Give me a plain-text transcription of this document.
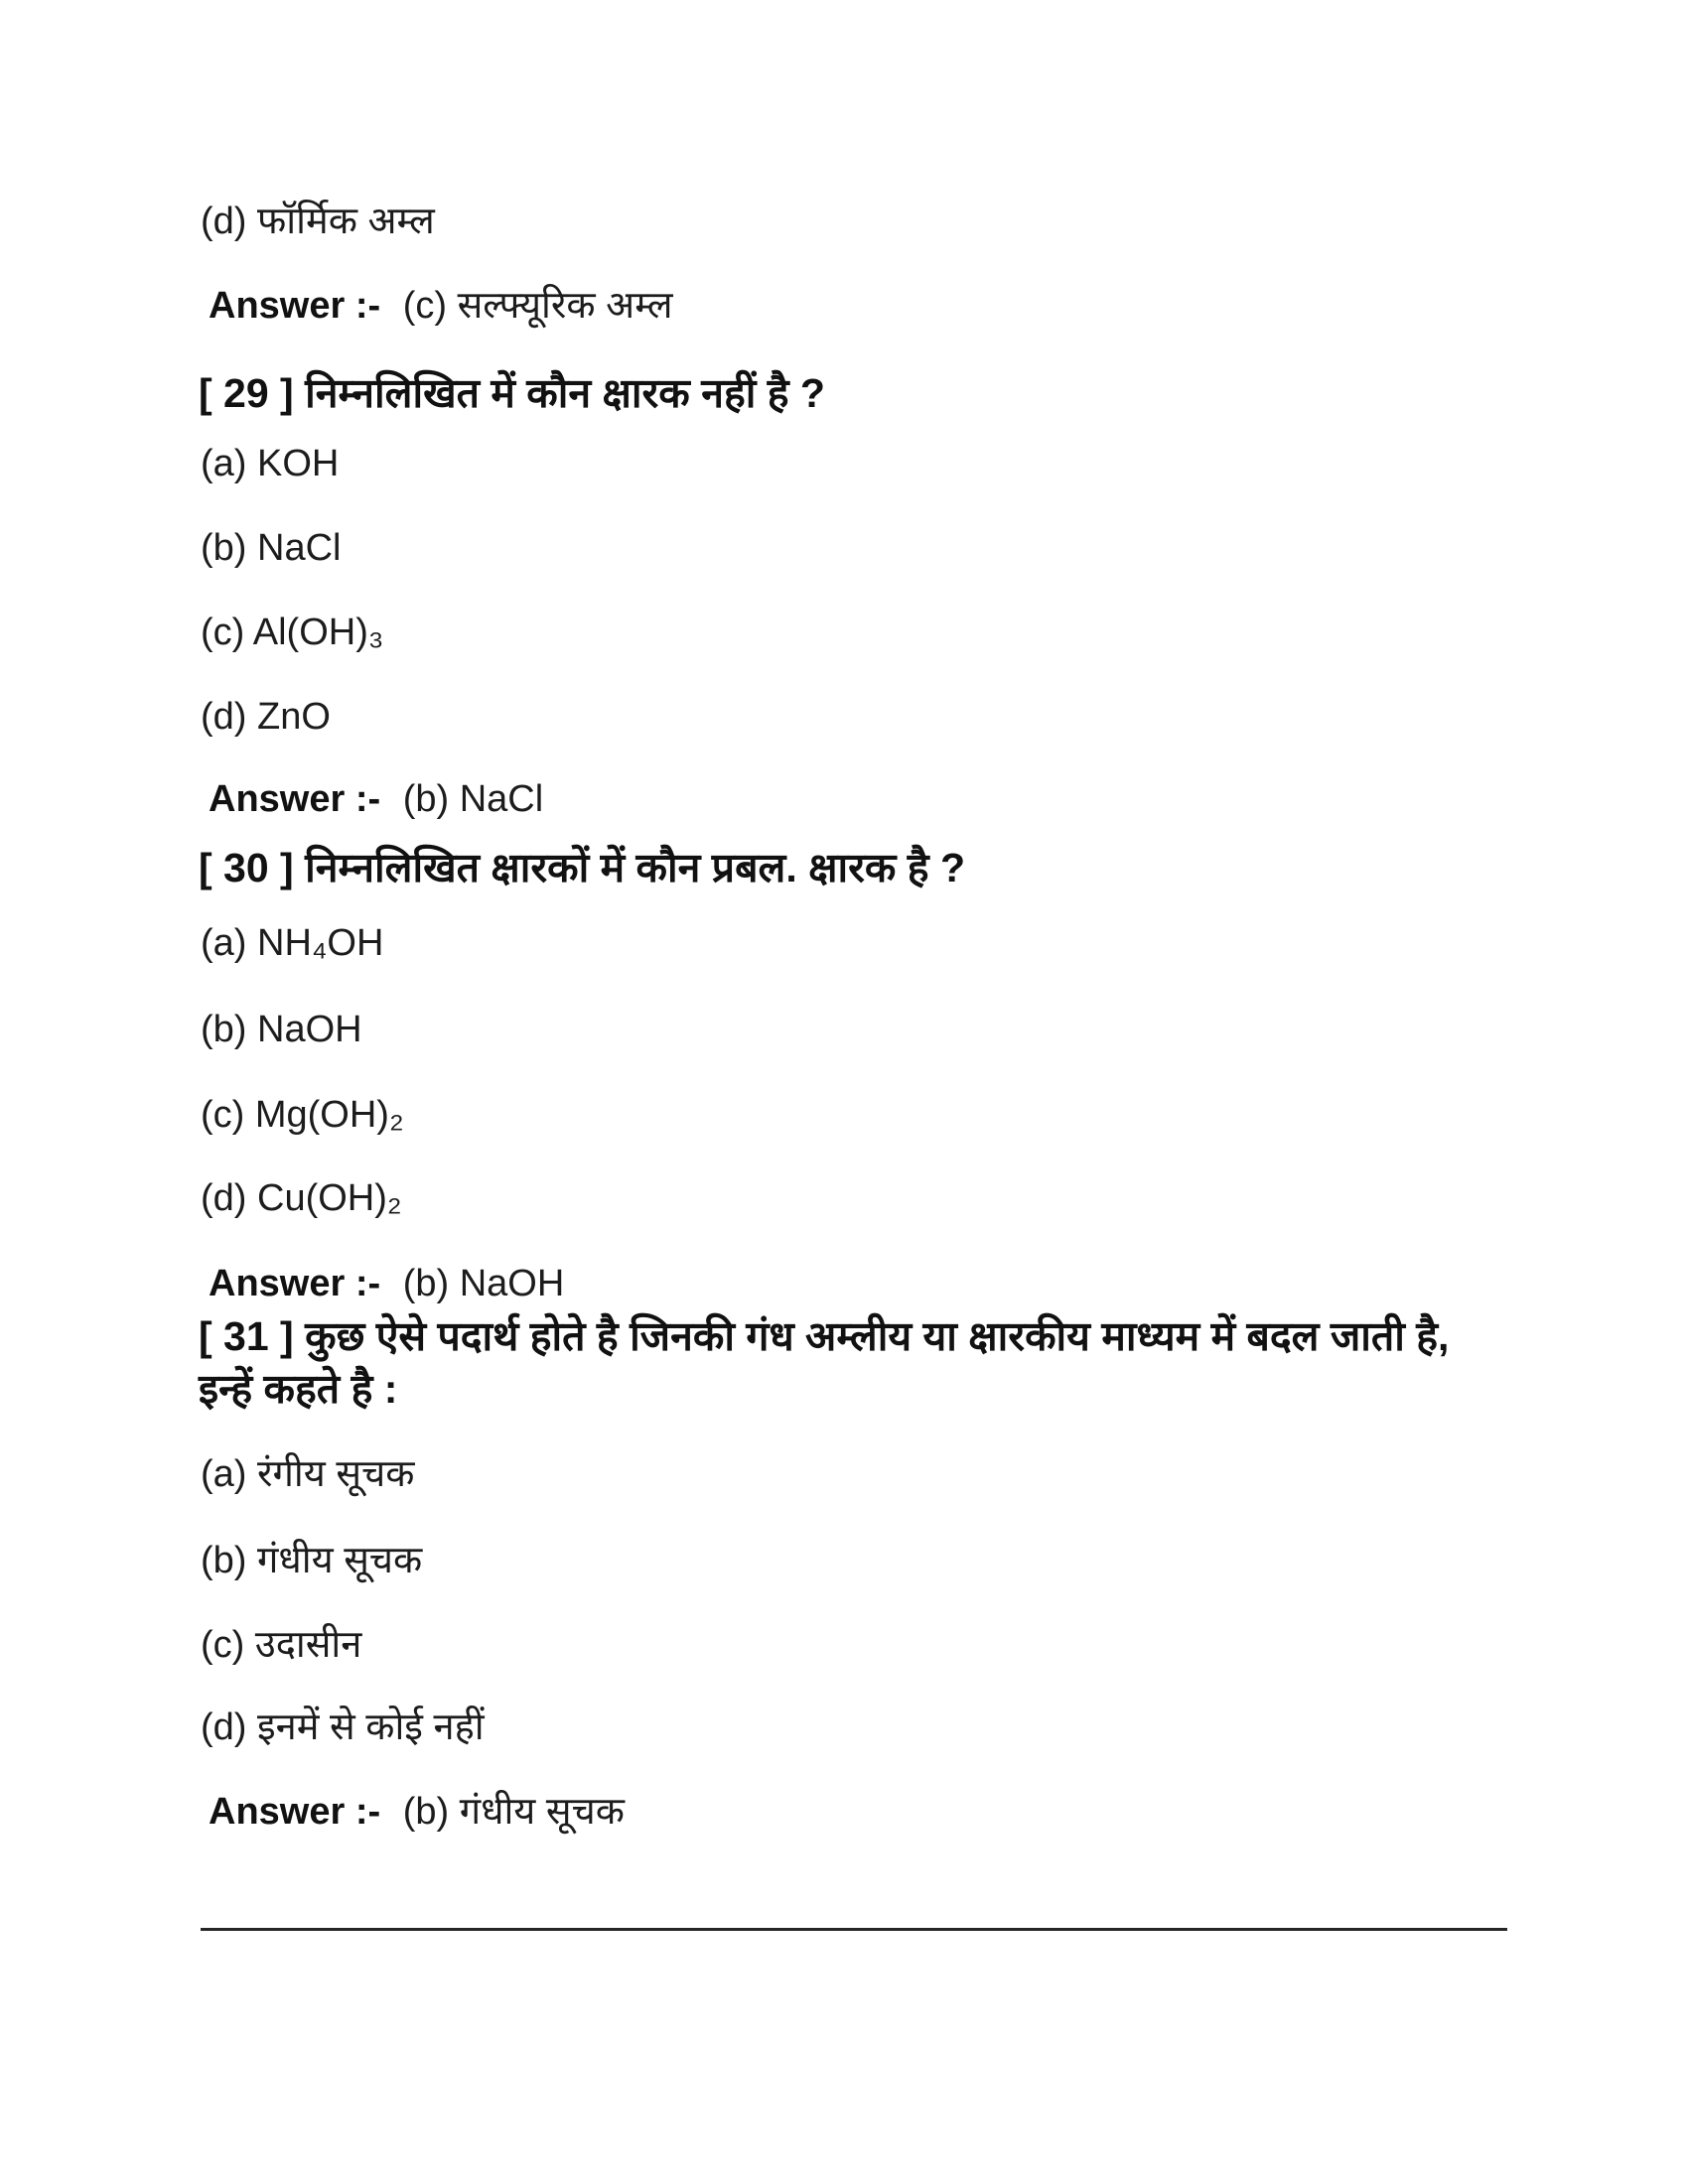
(d) फॉर्मिक अम्ल
Answer :- (c) सल्फ्यूरिक अम्ल
[ 29 ] निम्नलिखित में कौन क्षारक नहीं है ?
(a) KOH
(b) NaCl
(c) Al(OH)₃
(d) ZnO
Answer :- (b) NaCl
[ 30 ] निम्नलिखित क्षारकों में कौन प्रबल. क्षारक है ?
(a) NH₄OH
(b) NaOH
(c) Mg(OH)₂
(d) Cu(OH)₂
Answer :- (b) NaOH
[ 31 ] कुछ ऐसे पदार्थ होते है जिनकी गंध अम्लीय या क्षारकीय माध्यम में बदल जाती है, इन्हें कहते है :
(a) रंगीय सूचक
(b) गंधीय सूचक
(c) उदासीन
(d) इनमें से कोई नहीं
Answer :- (b) गंधीय सूचक
